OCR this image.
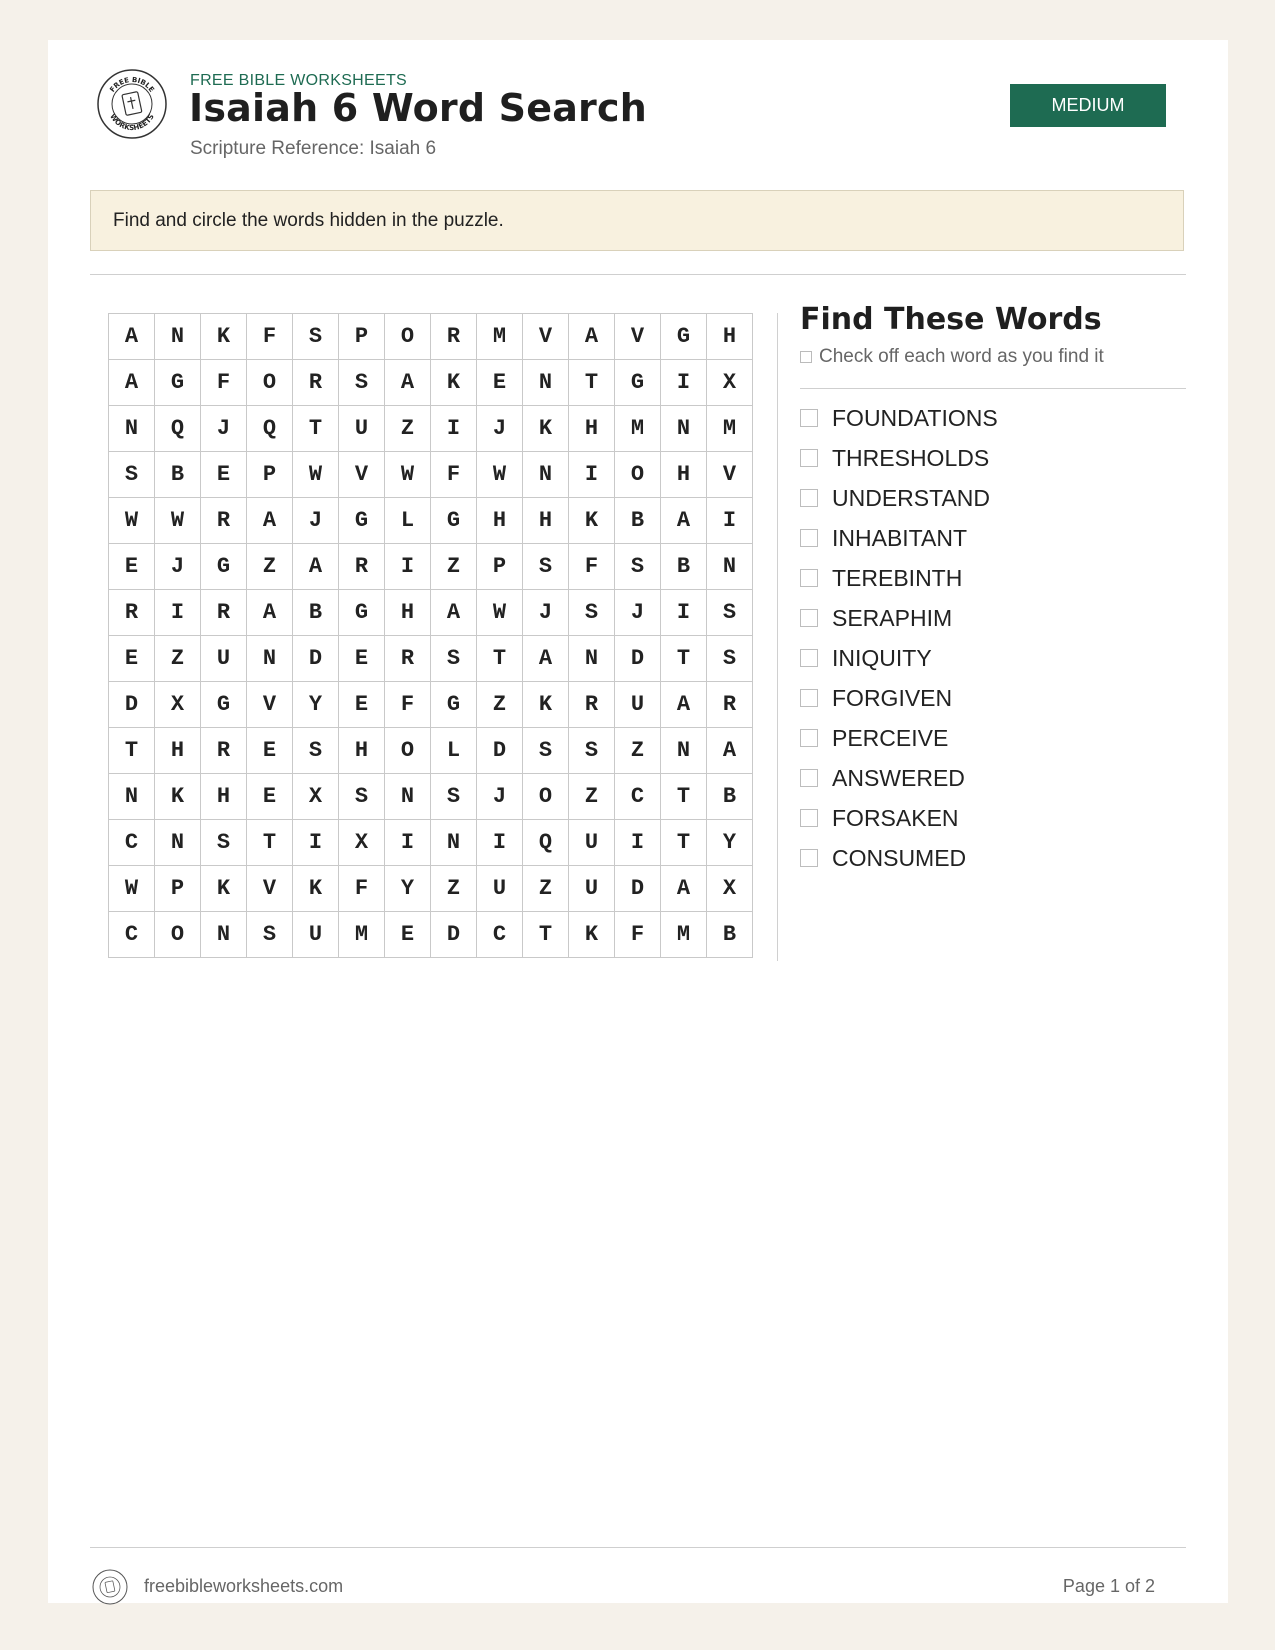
FREE BIBLE
WORKSHEETS
FREE BIBLE WORKSHEETS
Isaiah 6 Word Search
Scripture Reference: Isaiah 6
MEDIUM
Find and circle the words hidden in the puzzle.
A	N	K	F	S	P	O	R	M	V	A	V	G	H
A	G	F	O	R	S	A	K	E	N	T	G	I	X
N	Q	J	Q	T	U	Z	I	J	K	H	M	N	M
S	B	E	P	W	V	W	F	W	N	I	O	H	V
W	W	R	A	J	G	L	G	H	H	K	B	A	I
E	J	G	Z	A	R	I	Z	P	S	F	S	B	N
R	I	R	A	B	G	H	A	W	J	S	J	I	S
E	Z	U	N	D	E	R	S	T	A	N	D	T	S
D	X	G	V	Y	E	F	G	Z	K	R	U	A	R
T	H	R	E	S	H	O	L	D	S	S	Z	N	A
N	K	H	E	X	S	N	S	J	O	Z	C	T	B
C	N	S	T	I	X	I	N	I	Q	U	I	T	Y
W	P	K	V	K	F	Y	Z	U	Z	U	D	A	X
C	O	N	S	U	M	E	D	C	T	K	F	M	B
Find These Words
Check off each word as you find it
FOUNDATIONS
THRESHOLDS
UNDERSTAND
INHABITANT
TEREBINTH
SERAPHIM
INIQUITY
FORGIVEN
PERCEIVE
ANSWERED
FORSAKEN
CONSUMED
freebibleworksheets.com	Page 1 of 2
